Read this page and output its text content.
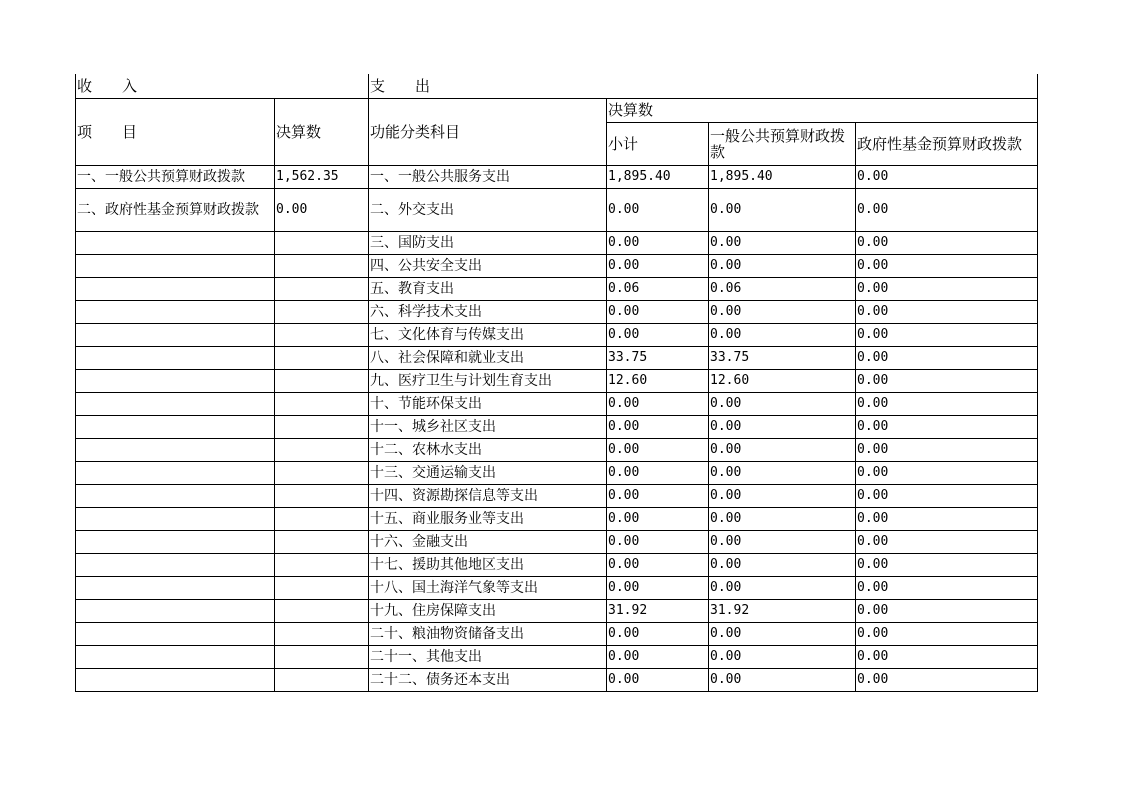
收　　入		支　　出			
项　　目	决算数	功能分类科目	决算数		
			小计	一般公共预算财政拨款	政府性基金预算财政拨款
一、一般公共预算财政拨款	1,562.35	一、一般公共服务支出	1,895.40	1,895.40	0.00
二、政府性基金预算财政拨款	0.00	二、外交支出	0.00	0.00	0.00
		三、国防支出	0.00	0.00	0.00
		四、公共安全支出	0.00	0.00	0.00
		五、教育支出	0.06	0.06	0.00
		六、科学技术支出	0.00	0.00	0.00
		七、文化体育与传媒支出	0.00	0.00	0.00
		八、社会保障和就业支出	33.75	33.75	0.00
		九、医疗卫生与计划生育支出	12.60	12.60	0.00
		十、节能环保支出	0.00	0.00	0.00
		十一、城乡社区支出	0.00	0.00	0.00
		十二、农林水支出	0.00	0.00	0.00
		十三、交通运输支出	0.00	0.00	0.00
		十四、资源勘探信息等支出	0.00	0.00	0.00
		十五、商业服务业等支出	0.00	0.00	0.00
		十六、金融支出	0.00	0.00	0.00
		十七、援助其他地区支出	0.00	0.00	0.00
		十八、国土海洋气象等支出	0.00	0.00	0.00
		十九、住房保障支出	31.92	31.92	0.00
		二十、粮油物资储备支出	0.00	0.00	0.00
		二十一、其他支出	0.00	0.00	0.00
		二十二、债务还本支出	0.00	0.00	0.00
